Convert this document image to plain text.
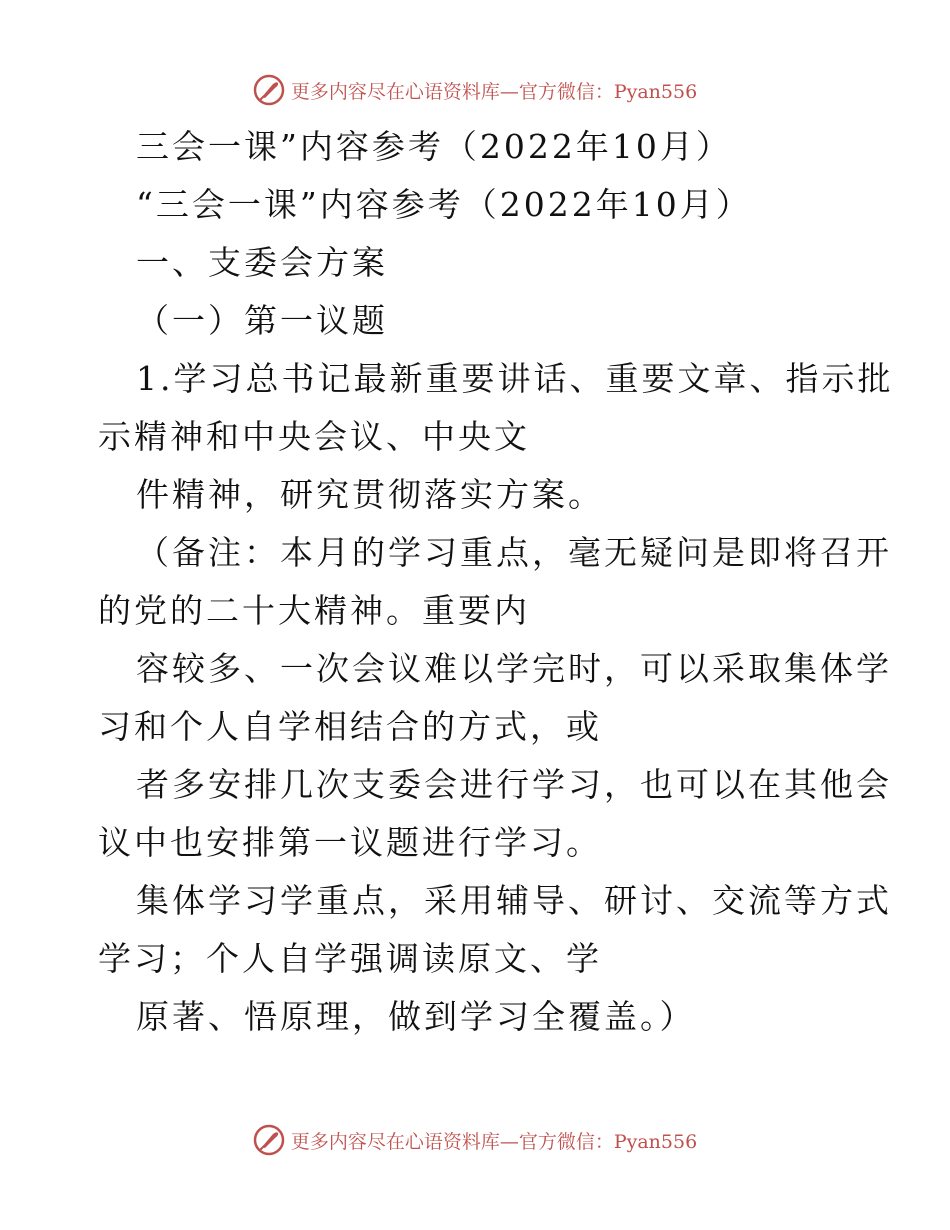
更多内容尽在心语资料库—官方微信：Pyan556
三会一课”内容参考（2022年10月）
“三会一课”内容参考（2022年10月）
一、支委会方案
（一）第一议题
1.学习总书记最新重要讲话、重要文章、指示批
示精神和中央会议、中央文
件精神，研究贯彻落实方案。
（备注：本月的学习重点，毫无疑问是即将召开
的党的二十大精神。重要内
容较多、一次会议难以学完时，可以采取集体学
习和个人自学相结合的方式，或
者多安排几次支委会进行学习，也可以在其他会
议中也安排第一议题进行学习。
集体学习学重点，采用辅导、研讨、交流等方式
学习；个人自学强调读原文、学
原著、悟原理，做到学习全覆盖。）
更多内容尽在心语资料库—官方微信：Pyan556
